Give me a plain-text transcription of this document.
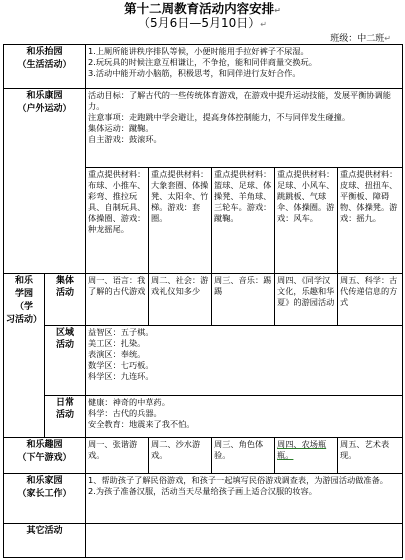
第十二周教育活动内容安排↵
（5月6日—5月10日）↵
班级：中二班↵
和乐抬园
（生活活动）		1.上厕所能讲秩序排队等候，小便时能用手拉好裤子不尿湿。
2.玩玩具的时候注意互相谦让，不争抢，能和同伴商量交换玩。
3.活动中能开动小脑筋，积极思考，和同伴进行友好合作。				

和乐康园
（户外运动）		活动目标：了解古代的一些传统体育游戏，在游戏中提升运动技能，发展平衡协调能力。
注意事项：走跑跳中学会避让，提高身体控制能力，不与同伴发生碰撞。
集体运动：蹴鞠。
自主游戏：鼓滚环。				

		重点提供材料：布球、小推车、彩弯、推拉玩具、自制玩具、体操圈、游戏：种龙摇尾。	重点提供材料：大象套圈、体操凳、太阳伞、竹梯。游戏：套圈。	重点提供材料：篮球、足球、体操凳、羊角球、三轮车。游戏：蹴鞠。	重点提供材料：足球、小风车、跳跳板、气球伞、体操圈。游戏：风车。	重点提供材料：皮球、扭扭车、平衡板、障碍物、体操凳。游戏：摇九。

和乐
学园
（学
习活动）	集体
活动	周一、语言：我了解的古代游戏	周二、社会：游戏礼仪知多少	周三、音乐：踢踢	周四、《同学汉文化，乐趣和华夏》的游园活动	周五、科学：古代传递信息的方式

	区域
活动	益智区：五子棋。
美工区：扎染。
表演区：奉统。
数学区：七巧板。
科学区：九连环。				

	日常
活动	健康：神奇的中草药。
科学：古代的兵器。
安全教育：地震来了我不怕。				

和乐趣园
（下午游戏）		周一、张谐游戏。	周二、沙水游戏。	周三、角色体验。	周四、农场瓶瓶。	周五、艺术表现。

和乐家园
（家长工作）		1、帮助孩子了解民俗游戏，和孩子一起填写民俗游戏调查表，为游园活动做准备。
2.为孩子准备汉服，活动当天尽量给孩子画上适合汉服的妆容。				

其它活动						
